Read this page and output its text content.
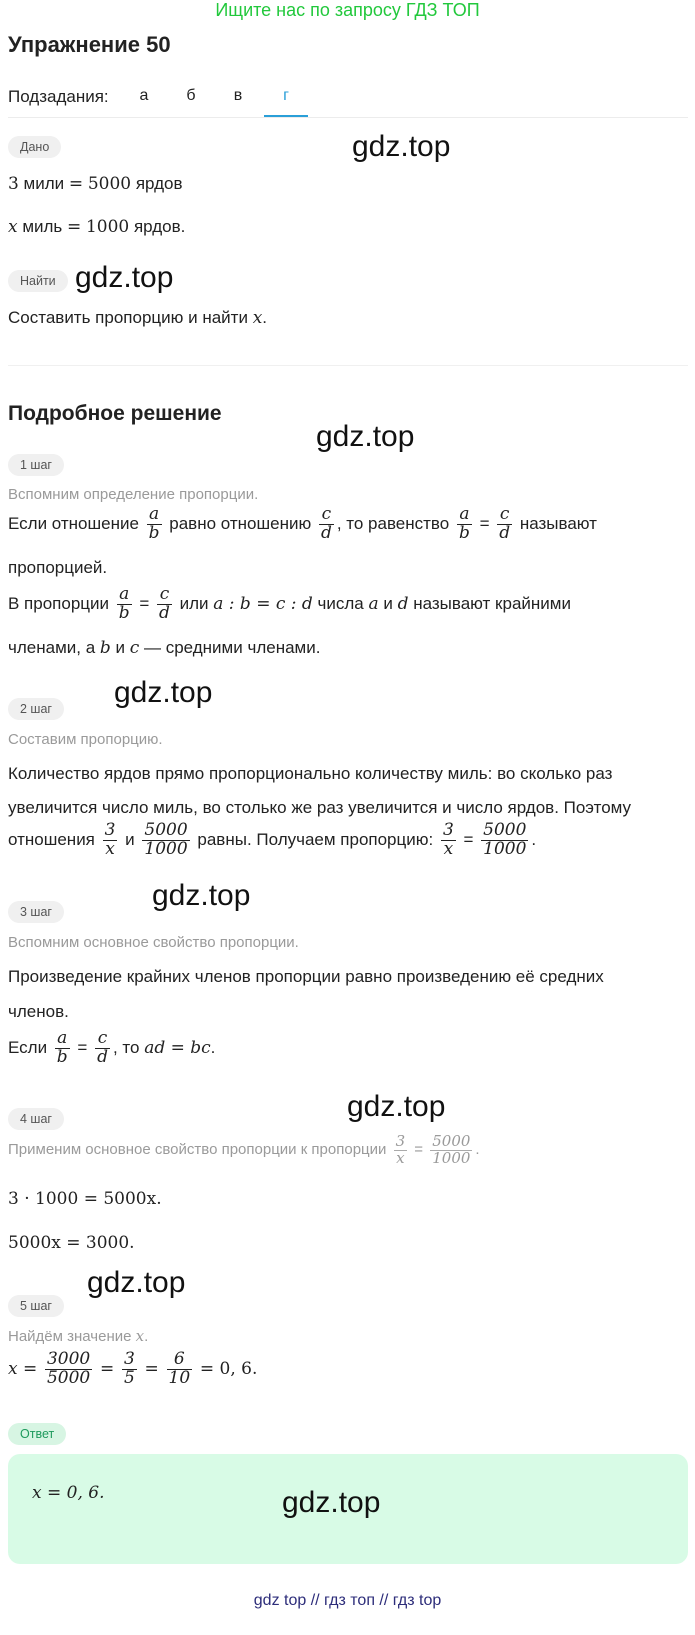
Ищите нас по запросу ГДЗ ТОП
Упражнение 50
Подзадания:	а	б	в	г
Дано	gdz.top
3 мили = 5000 ярдов
x миль = 1000 ярдов.
Найти gdz.top
Составить пропорцию и найти x.
Подробное решение
gdz.top
1 шаг
Вспомним определение пропорции.
Если отношение $\frac{a}{b}$ равно отношению $\frac{c}{d}$ , то равенство $\frac{a}{b} = \frac{c}{d}$ называют
пропорцией.
В пропорции $\frac{a}{b} = \frac{c}{d}$ или a : b = c : d числа a и d называют крайними
членами, а b и c — средними членами.
2 шаг	gdz.top
Составим пропорцию.
Количество ярдов прямо пропорционально количеству миль: во сколько раз
увеличится число миль, во столько же раз увеличится и число ярдов. Поэтому
отношения $\frac{3}{x}$ и $\frac{5000}{1000}$ равны. Получаем пропорцию: $\frac{3}{x} = \frac{5000}{1000}$ .
3 шаг	gdz.top
Вспомним основное свойство пропорции.
Произведение крайних членов пропорции равно произведению её средних
членов.
Если $\frac{a}{b} = \frac{c}{d}$ , то ad = bc.
4 шаг	gdz.top
Применим основное свойство пропорции к пропорции $\frac{3}{x} = \frac{5000}{1000}$ .
3 · 1000 = 5000x.
5000x = 3000.
5 шаг
gdz.top
Найдём значение x.
$x = \frac{3000}{5000} = \frac{3}{5} = \frac{6}{10} = 0$, 6.
Ответ
x = 0, 6.	gdz.top
gdz top // гдз топ // гдз top
